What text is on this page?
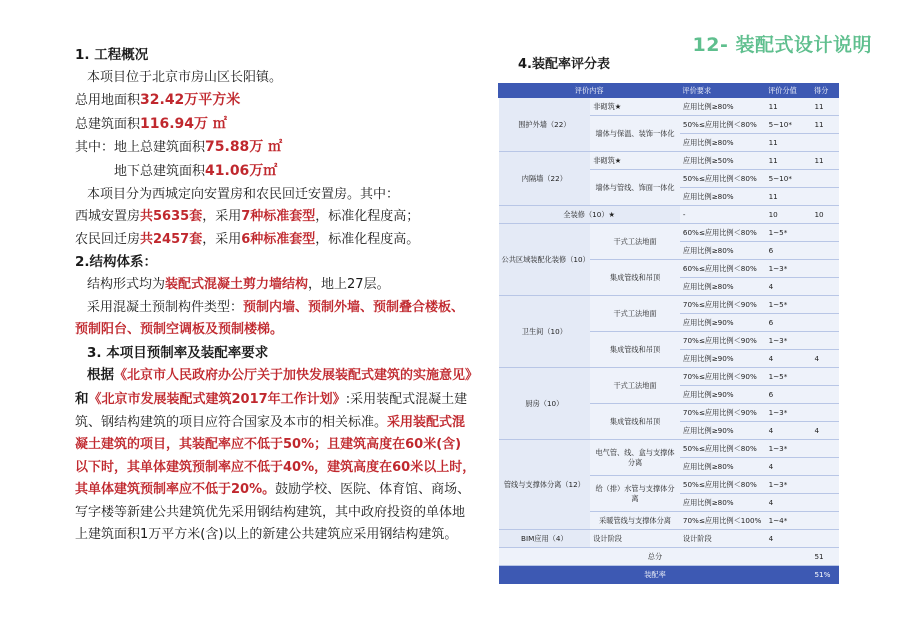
12- 装配式设计说明

1. 工程概况

本项目位于北京市房山区长阳镇。

总用地面积32.42万平方米

总建筑面积116.94万 ㎡

其中：地上总建筑面积75.88万 ㎡

地下总建筑面积41.06万㎡

本项目分为西城定向安置房和农民回迁安置房。其中：

西城安置房共5635套，采用7种标准套型，标准化程度高；

农民回迁房共2457套，采用6种标准套型，标准化程度高。

2.结构体系：

结构形式均为装配式混凝土剪力墙结构，地上27层。

采用混凝土预制构件类型：预制内墙、预制外墙、预制叠合楼板、

预制阳台、预制空调板及预制楼梯。

3. 本项目预制率及装配率要求

根据《北京市人民政府办公厅关于加快发展装配式建筑的实施意见》

和《北京市发展装配式建筑2017年工作计划》:采用装配式混凝土建

筑、钢结构建筑的项目应符合国家及本市的相关标准。采用装配式混

凝土建筑的项目，其装配率应不低于50%；且建筑高度在60米(含)

以下时，其单体建筑预制率应不低于40%，建筑高度在60米以上时，

其单体建筑预制率应不低于20%。鼓励学校、医院、体育馆、商场、

写字楼等新建公共建筑优先采用钢结构建筑，其中政府投资的单体地

上建筑面积1万平方米(含)以上的新建公共建筑应采用钢结构建筑。

4.装配率评分表
评价内容		评价要求	评价分值	得分
围护外墙（22）	非砌筑★	应用比例≥80%	11	11
	墙体与保温、装饰一体化	50%≤应用比例＜80%	5~10*	11
		应用比例≥80%	11	
内隔墙（22）	非砌筑★	应用比例≥50%	11	11
	墙体与管线、饰面一体化	50%≤应用比例＜80%	5~10*	
		应用比例≥80%	11	
全装修（10）★		-	10	10
公共区域装配化装修（10）	干式工法地面	60%≤应用比例＜80%	1~5*	
		应用比例≥80%	6	
	集成管线和吊顶	60%≤应用比例＜80%	1~3*	
		应用比例≥80%	4	
卫生间（10）	干式工法地面	70%≤应用比例＜90%	1~5*	
		应用比例≥90%	6	
	集成管线和吊顶	70%≤应用比例＜90%	1~3*	
		应用比例≥90%	4	4
厨房（10）	干式工法地面	70%≤应用比例＜90%	1~5*	
		应用比例≥90%	6	
	集成管线和吊顶	70%≤应用比例＜90%	1~3*	
		应用比例≥90%	4	4
管线与支撑体分离（12）	电气管、线、盒与支撑体分离	50%≤应用比例＜80%	1~3*	
		应用比例≥80%	4	
	给（排）水管与支撑体分离	50%≤应用比例＜80%	1~3*	
		应用比例≥80%	4	
	采暖管线与支撑体分离	70%≤应用比例＜100%	1~4*	
BIM应用（4）	设计阶段	设计阶段	4	
总分				51
装配率				51%
